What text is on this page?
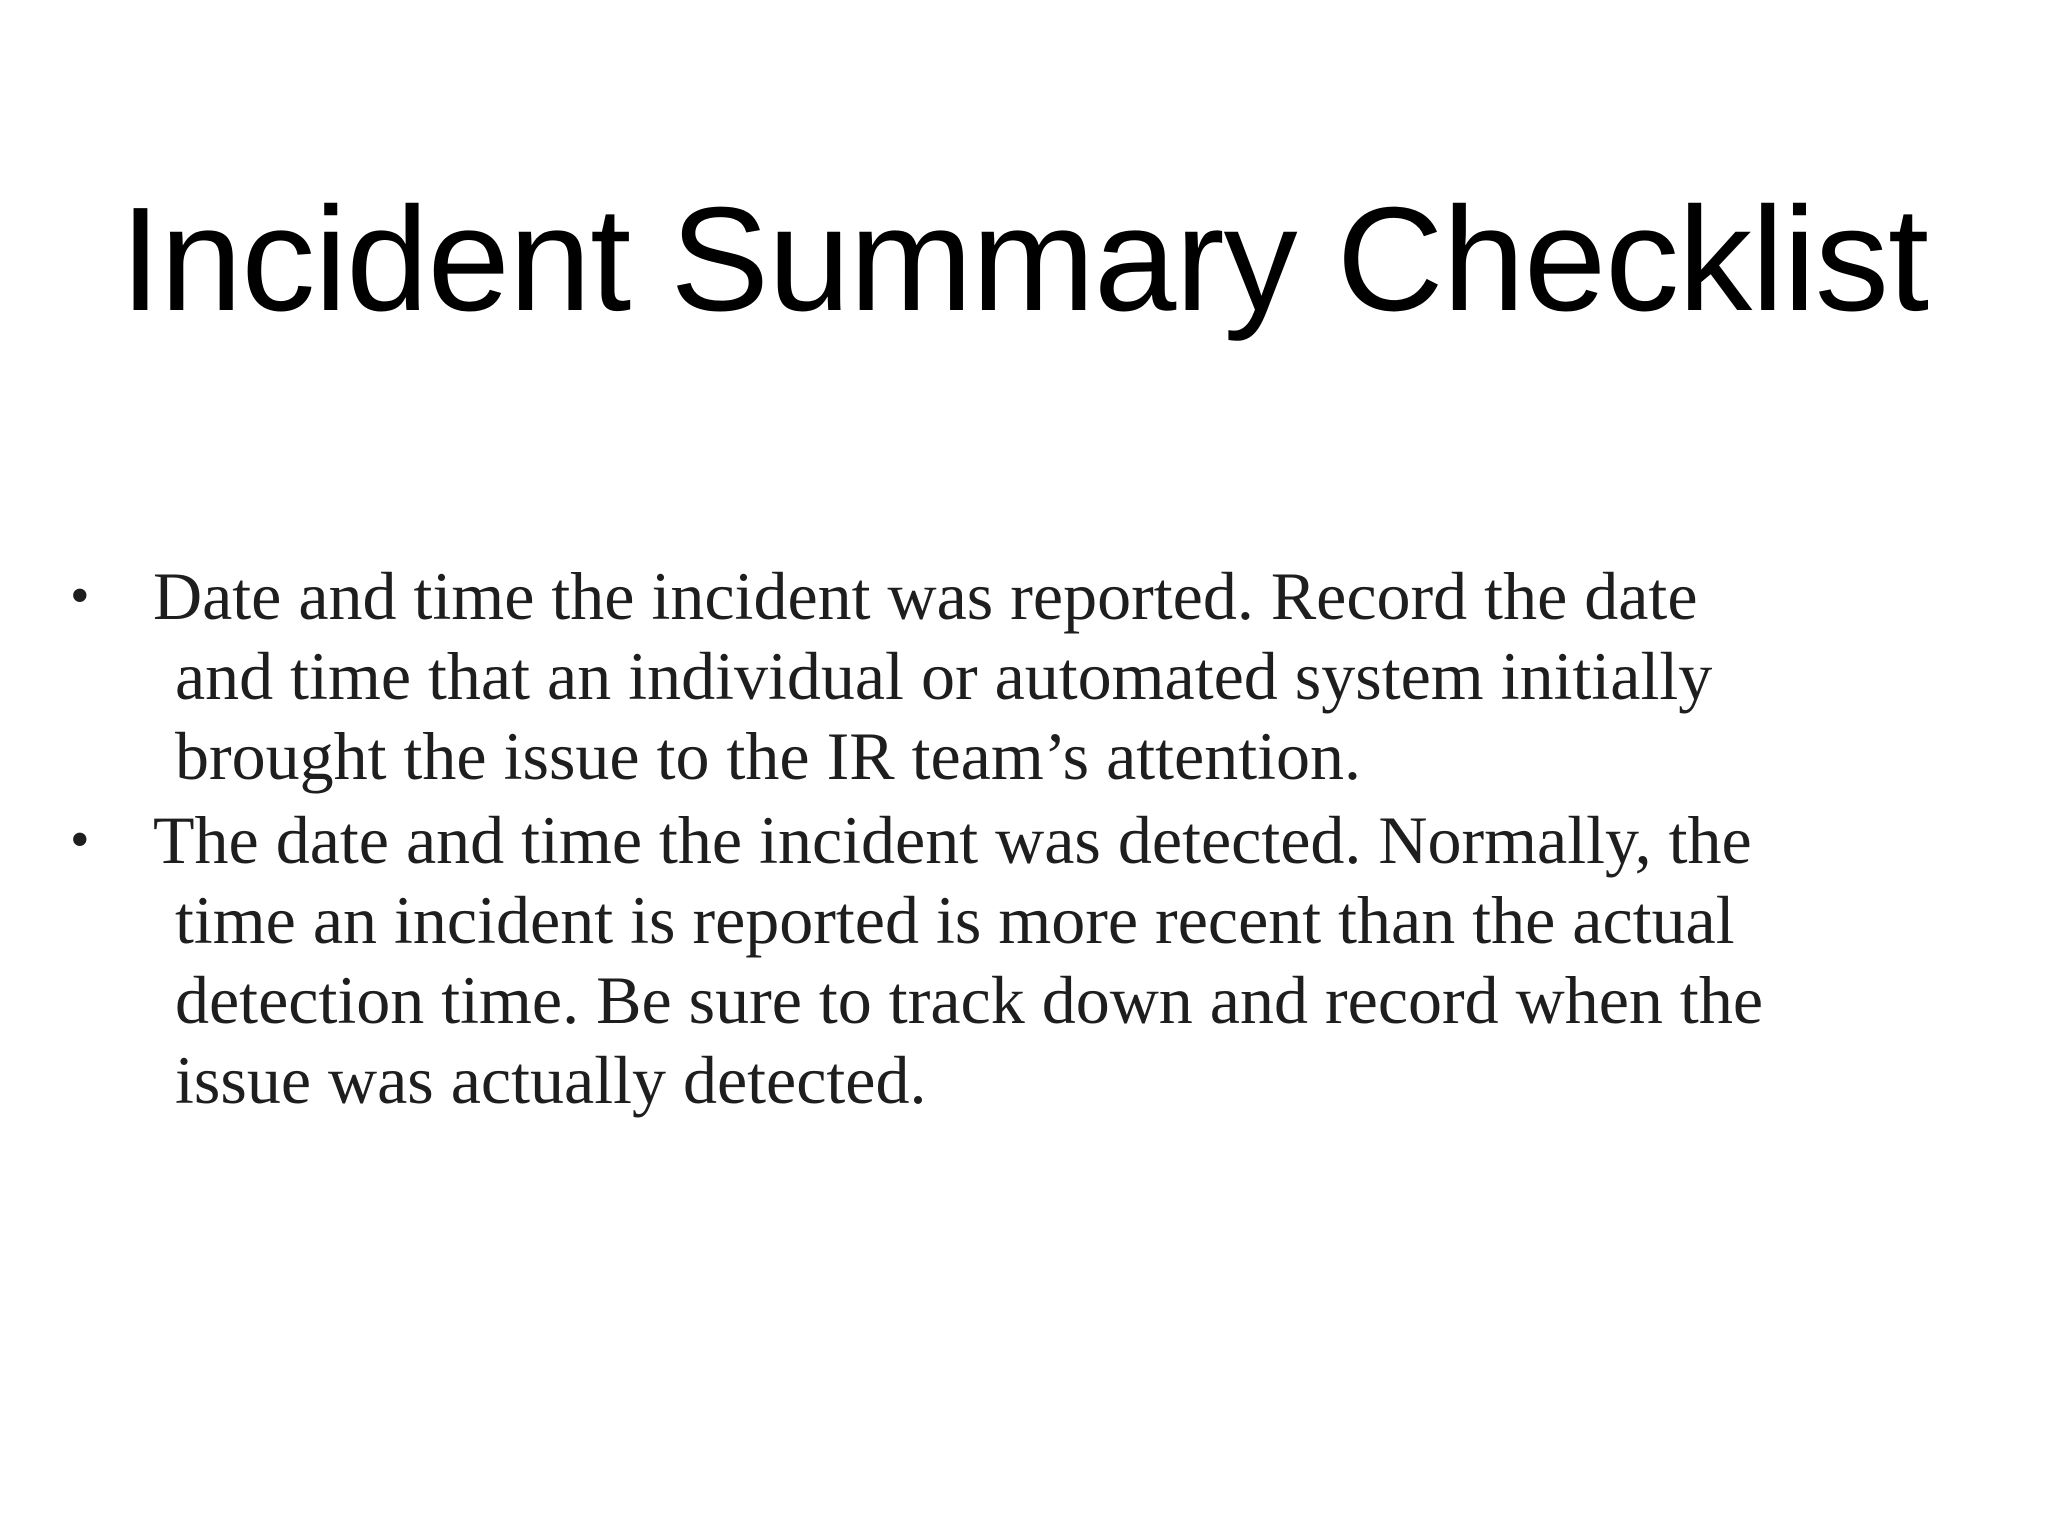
Incident Summary Checklist
• Date and time the incident was reported. Record the date
and time that an individual or automated system initially
brought the issue to the IR team’s attention.
• The date and time the incident was detected. Normally, the
time an incident is reported is more recent than the actual
detection time. Be sure to track down and record when the
issue was actually detected.
